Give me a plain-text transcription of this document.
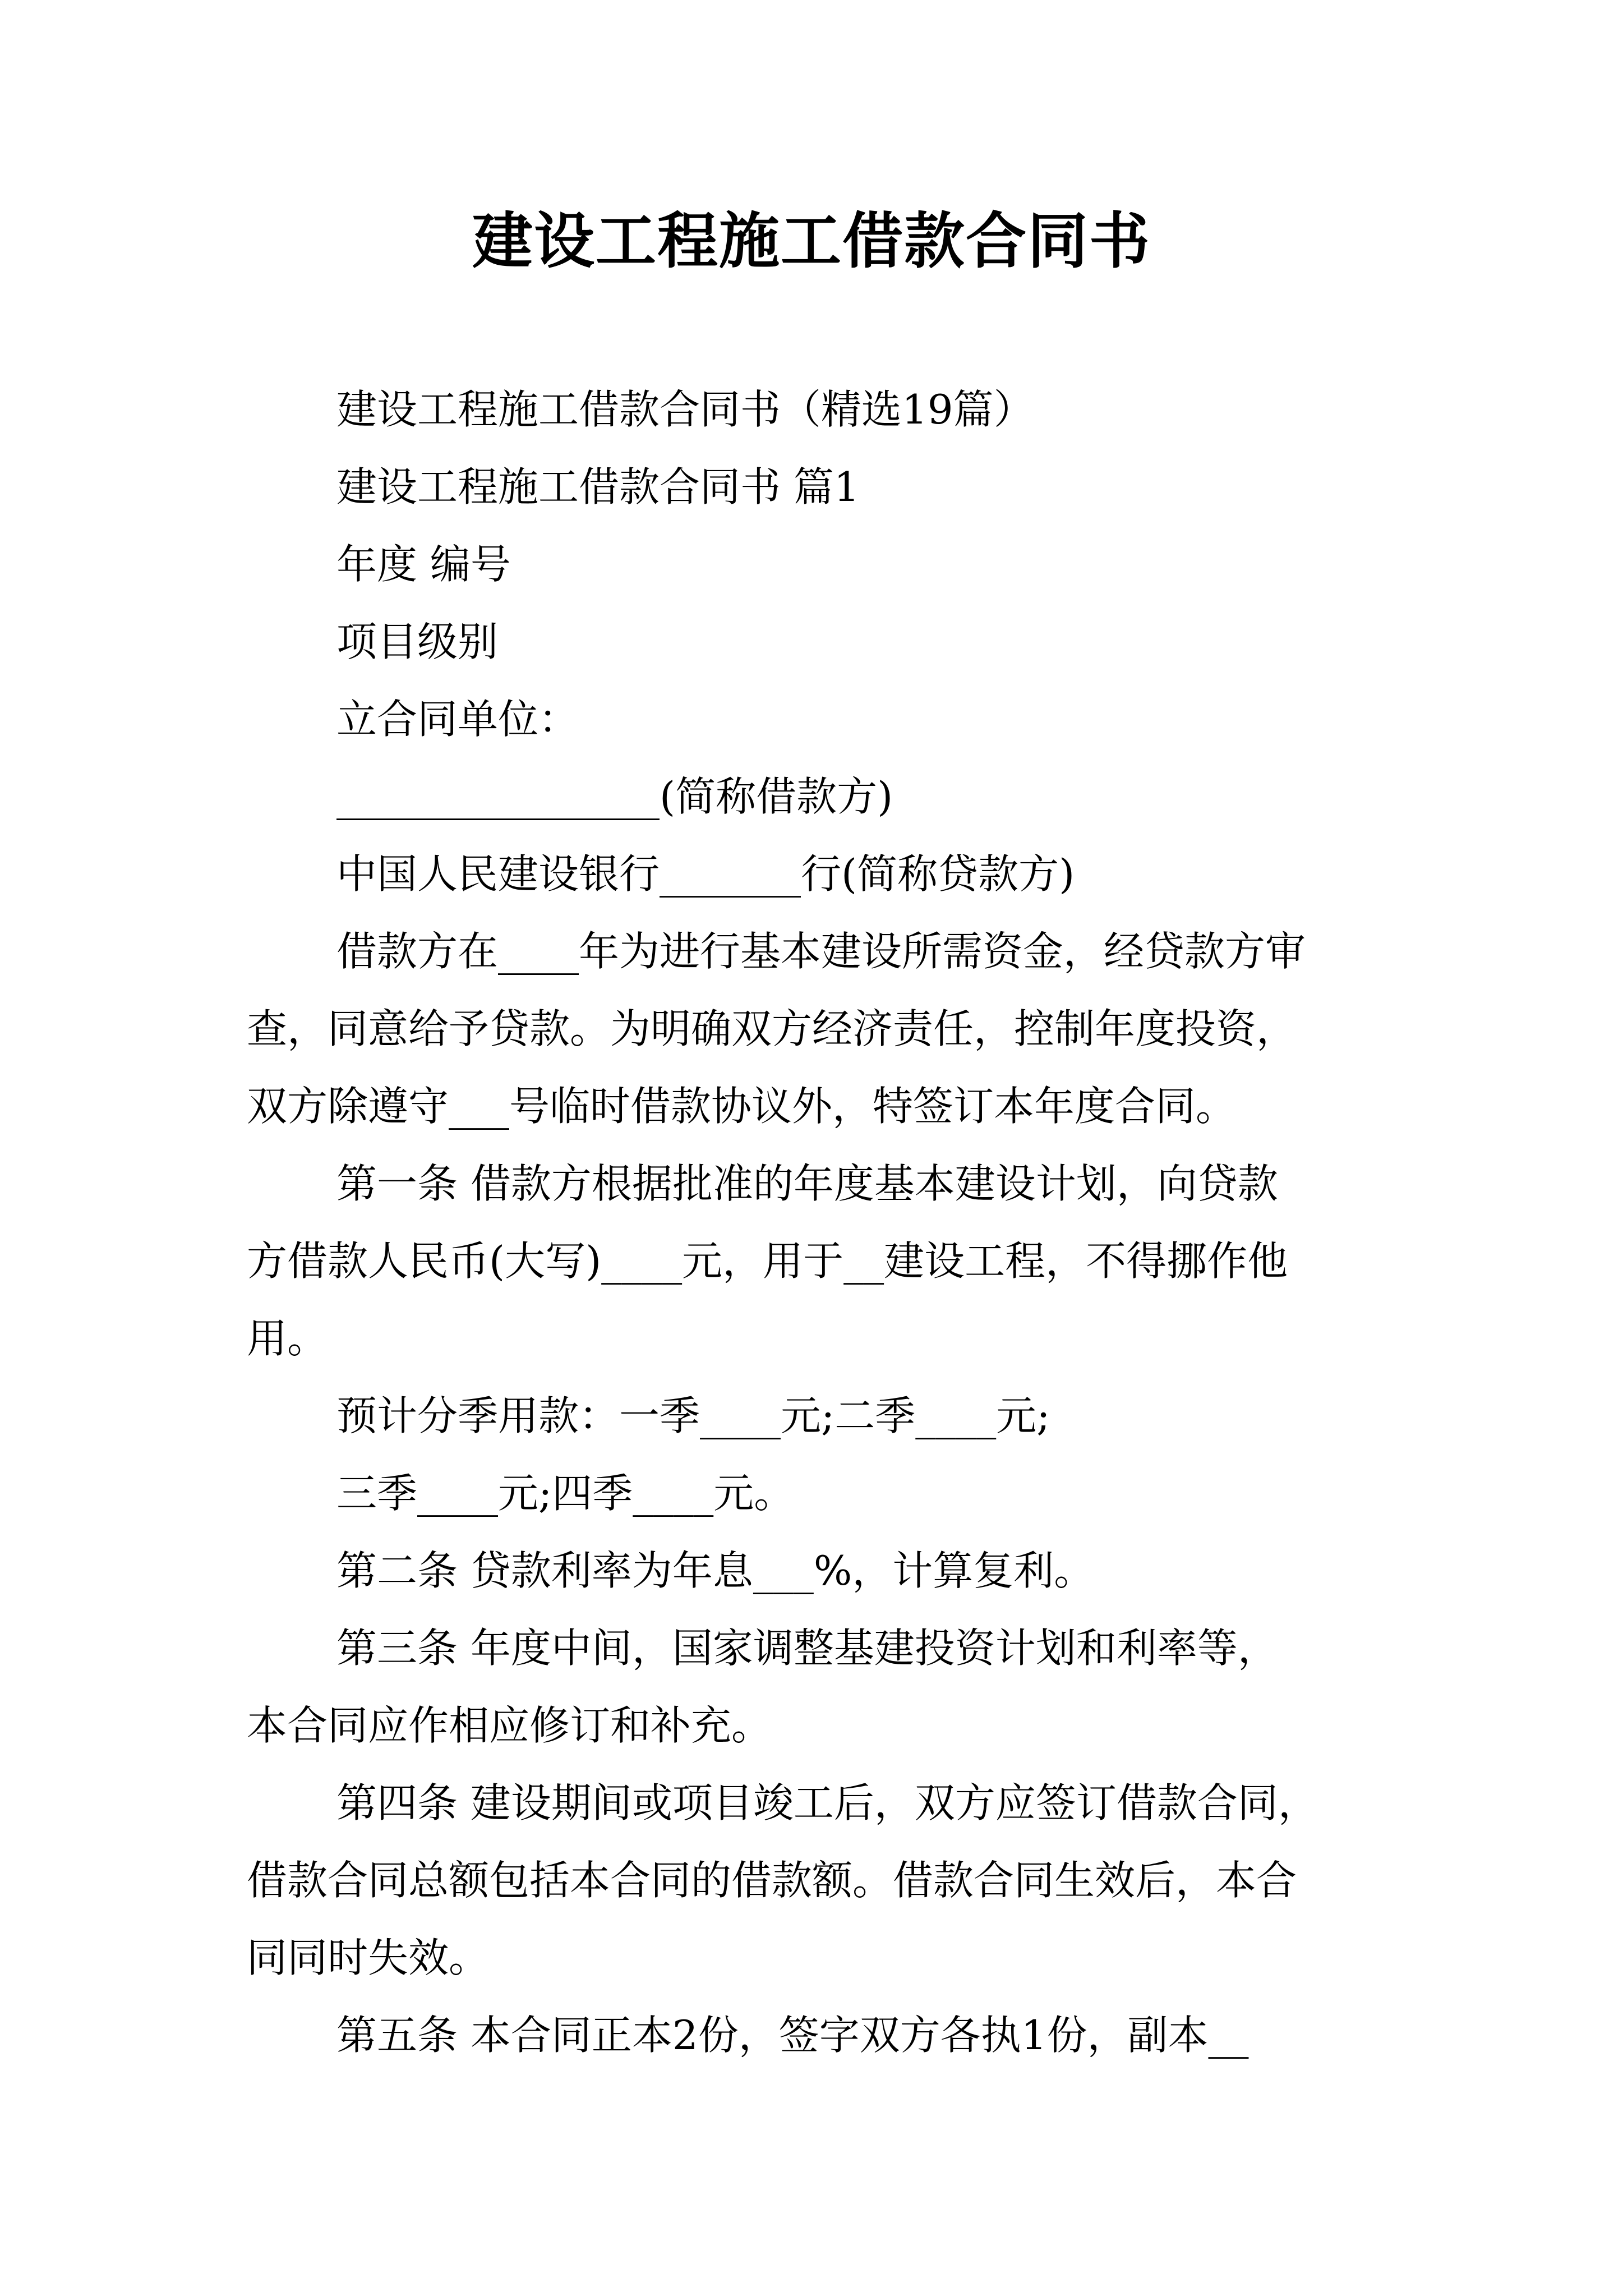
建设工程施工借款合同书
建设工程施工借款合同书（精选19篇）
建设工程施工借款合同书 篇1
年度 编号
项目级别
立合同单位：
________________(简称借款方)
中国人民建设银行_______行(简称贷款方)
借款方在____年为进行基本建设所需资金，经贷款方审
查，同意给予贷款。为明确双方经济责任，控制年度投资，
双方除遵守___号临时借款协议外，特签订本年度合同。
第一条 借款方根据批准的年度基本建设计划，向贷款
方借款人民币(大写)____元，用于__建设工程，不得挪作他
用。
预计分季用款：一季____元;二季____元;
三季____元;四季____元。
第二条 贷款利率为年息___%，计算复利。
第三条 年度中间，国家调整基建投资计划和利率等，
本合同应作相应修订和补充。
第四条 建设期间或项目竣工后，双方应签订借款合同，
借款合同总额包括本合同的借款额。借款合同生效后，本合
同同时失效。
第五条 本合同正本2份，签字双方各执1份，副本__
